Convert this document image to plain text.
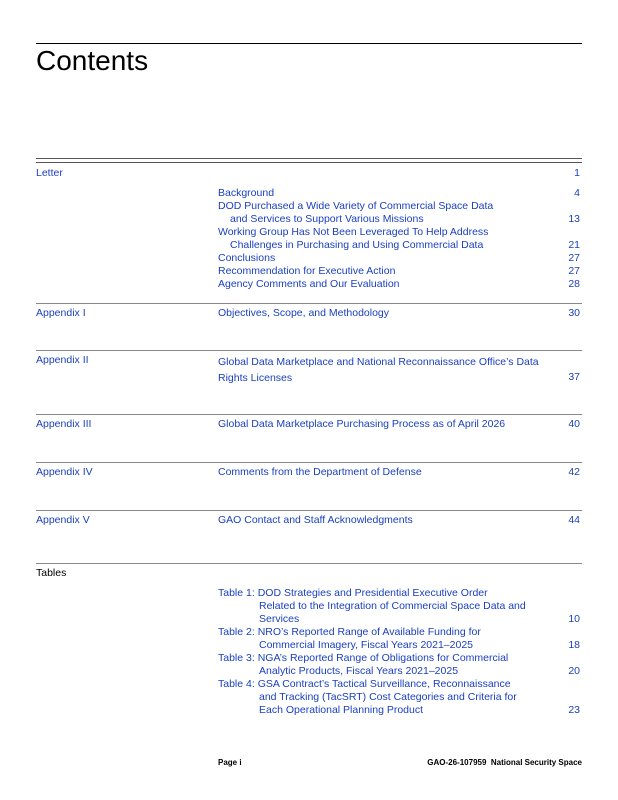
Contents
Letter	1
Background	4
DOD Purchased a Wide Variety of Commercial Space Data
and Services to Support Various Missions	13
Working Group Has Not Been Leveraged To Help Address
Challenges in Purchasing and Using Commercial Data	21
Conclusions	27
Recommendation for Executive Action	27
Agency Comments and Our Evaluation	28
Appendix I	Objectives, Scope, and Methodology	30
Appendix II	Global Data Marketplace and National Reconnaissance Office’s Data
Rights Licenses	37
Appendix III	Global Data Marketplace Purchasing Process as of April 2026	40
Appendix IV	Comments from the Department of Defense	42
Appendix V	GAO Contact and Staff Acknowledgments	44
Tables
Table 1: DOD Strategies and Presidential Executive Order
Related to the Integration of Commercial Space Data and
Services	10
Table 2: NRO’s Reported Range of Available Funding for
Commercial Imagery, Fiscal Years 2021–2025	18
Table 3: NGA’s Reported Range of Obligations for Commercial
Analytic Products, Fiscal Years 2021–2025	20
Table 4: GSA Contract’s Tactical Surveillance, Reconnaissance
and Tracking (TacSRT) Cost Categories and Criteria for
Each Operational Planning Product	23
Page i	GAO-26-107959  National Security Space
